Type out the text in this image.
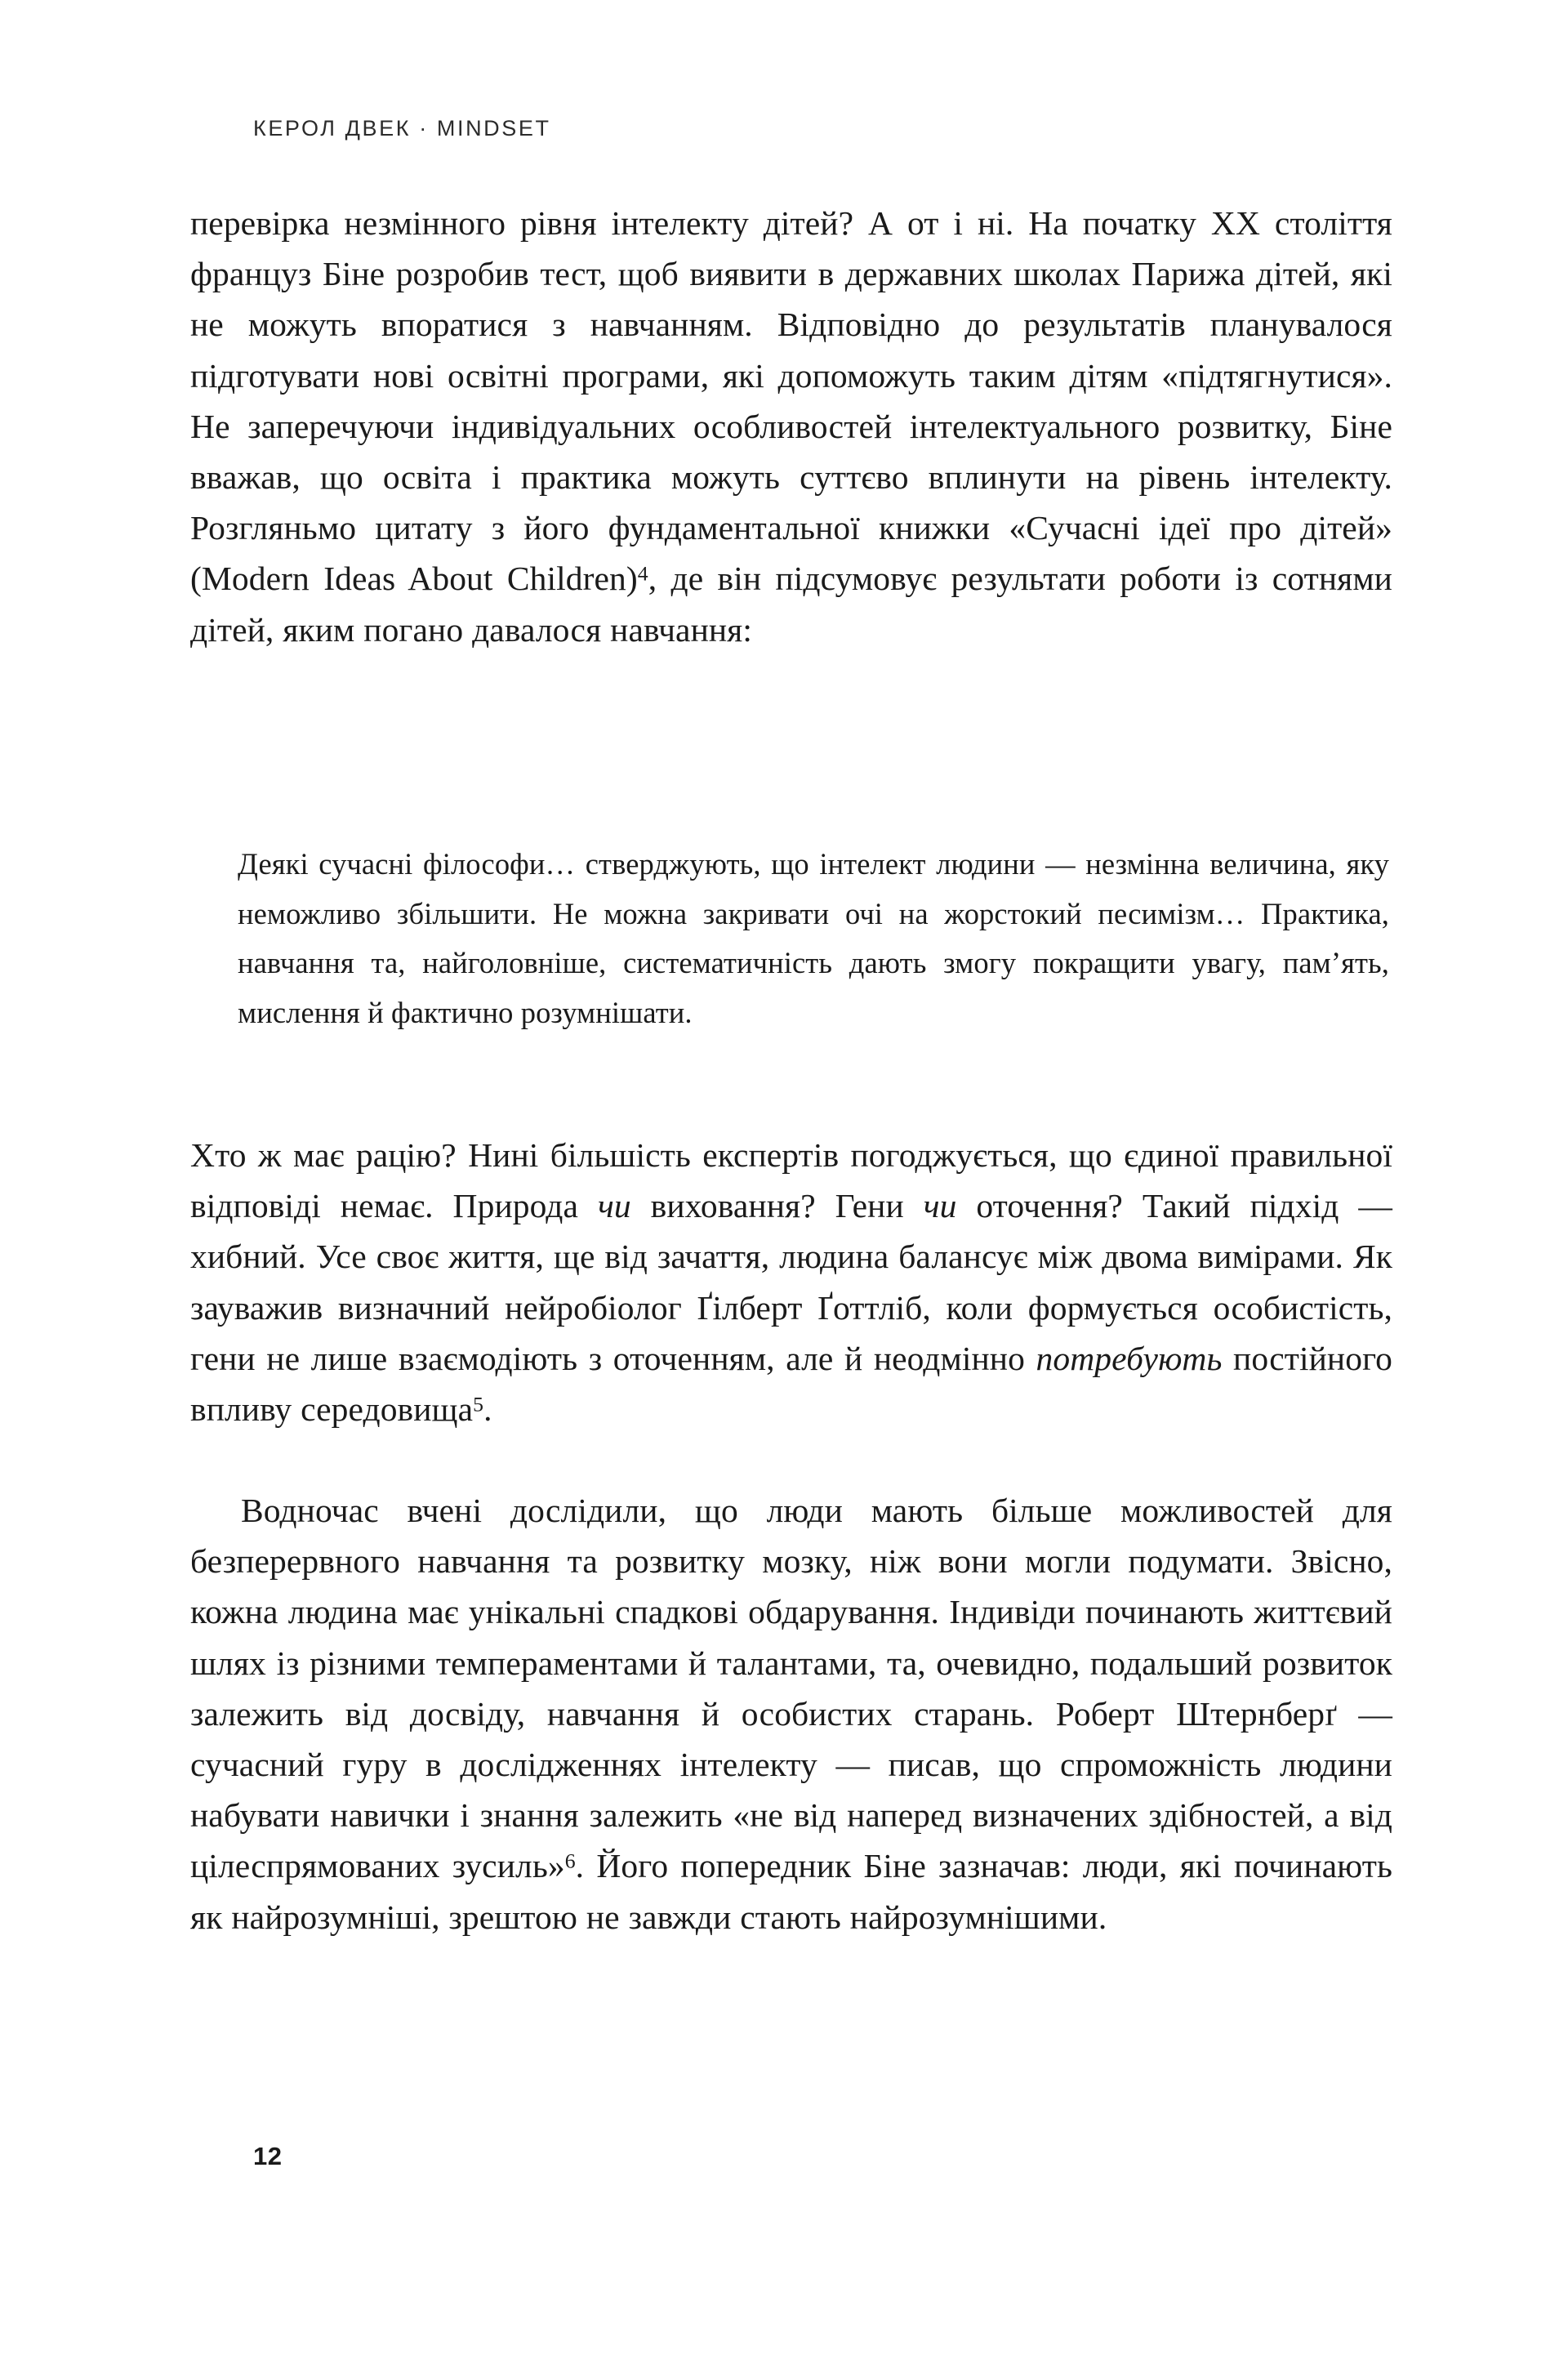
КЕРОЛ ДВЕК · MINDSET

перевірка незмінного рівня інтелекту дітей? А от і ні. На початку XX століття француз Біне розробив тест, щоб виявити в державних школах Парижа дітей, які не можуть впоратися з навчанням. Відповідно до результатів планувалося підготувати нові освітні програми, які допоможуть таким дітям «підтягнутися». Не заперечуючи індивідуальних особливостей інтелектуального розвитку, Біне вважав, що освіта і практика можуть суттєво вплинути на рівень інтелекту. Розгляньмо цитату з його фундаментальної книжки «Сучасні ідеї про дітей» (Modern Ideas About Children)$^4$, де він підсумовує результати роботи із сотнями дітей, яким погано давалося навчання:

Деякі сучасні філософи… стверджують, що інтелект людини — незмінна величина, яку неможливо збільшити. Не можна закривати очі на жорстокий песимізм… Практика, навчання та, найголовніше, систематичність дають змогу покращити увагу, пам’ять, мислення й фактично розумнішати.

Хто ж має рацію? Нині більшість експертів погоджується, що єдиної правильної відповіді немає. Природа чи виховання? Гени чи оточення? Такий підхід — хибний. Усе своє життя, ще від зачаття, людина балансує між двома вимірами. Як зауважив визначний нейробіолог Ґілберт Ґоттліб, коли формується особистість, гени не лише взаємодіють з оточенням, але й неодмінно потребують постійного впливу середовища$^5$.

Водночас вчені дослідили, що люди мають більше можливостей для безперервного навчання та розвитку мозку, ніж вони могли подумати. Звісно, кожна людина має унікальні спадкові обдарування. Індивіди починають життєвий шлях із різними темпераментами й талантами, та, очевидно, подальший розвиток залежить від досвіду, навчання й особистих старань. Роберт Штернберґ — сучасний гуру в дослідженнях інтелекту — писав, що спроможність людини набувати навички і знання залежить «не від наперед визначених здібностей, а від цілеспрямованих зусиль»$^6$. Його попередник Біне зазначав: люди, які починають як найрозумніші, зрештою не завжди стають найрозумнішими.

12
